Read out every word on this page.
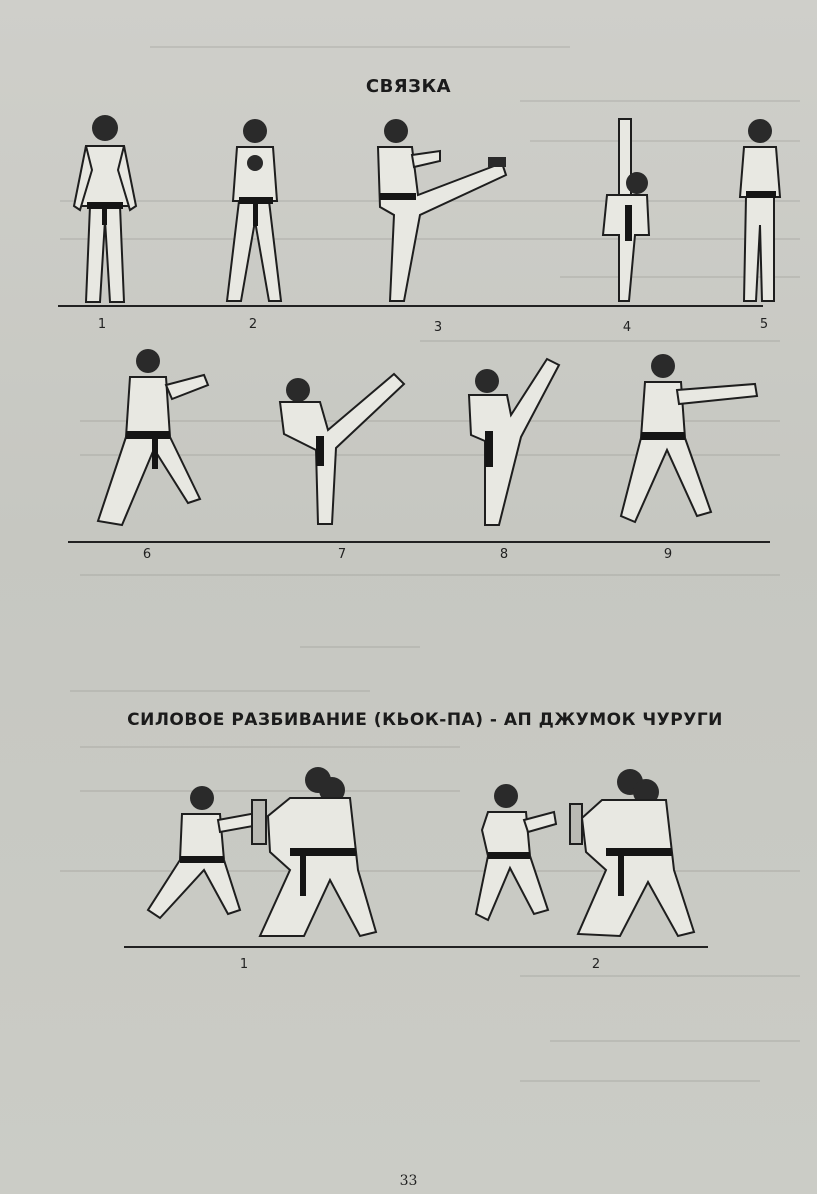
СВЯЗКА
1	2	3	4	5
6	7	8	9
СИЛОВОЕ РАЗБИВАНИЕ (КЬОК-ПА) - АП ДЖУМОК ЧУРУГИ
1	2
33
